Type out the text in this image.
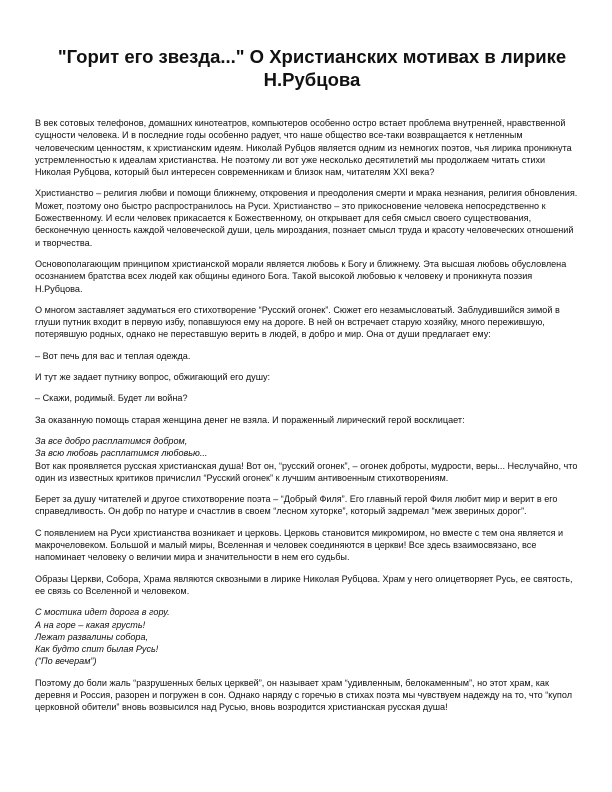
"Горит его звезда..." О Христианских мотивах в лирике Н.Рубцова

В век сотовых телефонов, домашних кинотеатров, компьютеров особенно остро встает проблема внутренней, нравственной сущности человека. И в последние годы особенно радует, что наше общество все-таки возвращается к нетленным человеческим ценностям, к христианским идеям. Николай Рубцов является одним из немногих поэтов, чья лирика проникнута устремленностью к идеалам христианства. Не поэтому ли вот уже несколько десятилетий мы продолжаем читать стихи Николая Рубцова, который был интересен современникам и близок нам, читателям XXI века?

Христианство – религия любви и помощи ближнему, откровения и преодоления смерти и мрака незнания, религия обновления. Может, поэтому оно быстро распространилось на Руси. Христианство – это прикосновение человека непосредственно к Божественному. И если человек прикасается к Божественному, он открывает для себя смысл своего существования, бесконечную ценность каждой человеческой души, цель мироздания, познает смысл труда и красоту человеческих отношений и творчества.

Основополагающим принципом христианской морали является любовь к Богу и ближнему. Эта высшая любовь обусловлена осознанием братства всех людей как общины единого Бога. Такой высокой любовью к человеку и проникнута поэзия Н.Рубцова.

О многом заставляет задуматься его стихотворение “Русский огонек”. Сюжет его незамысловатый. Заблудившийся зимой в глуши путник входит в первую избу, попавшуюся ему на дороге. В ней он встречает старую хозяйку, много пережившую, потерявшую родных, однако не переставшую верить в людей, в добро и мир. Она от души предлагает ему:

– Вот печь для вас и теплая одежда.

И тут же задает путнику вопрос, обжигающий его душу:

– Скажи, родимый. Будет ли война?

За оказанную помощь старая женщина денег не взяла. И пораженный лирический герой восклицает:

За все добро расплатимся добром,
За всю любовь расплатимся любовью...

Вот как проявляется русская христианская душа! Вот он, “русский огонек”, – огонек доброты, мудрости, веры... Неслучайно, что один из известных критиков причислил “Русский огонек” к лучшим антивоенным стихотворениям.

Берет за душу читателей и другое стихотворение поэта – “Добрый Филя”. Его главный герой Филя любит мир и верит в его справедливость. Он добр по натуре и счастлив в своем “лесном хуторке”, который задремал “меж звериных дорог”.

С появлением на Руси христианства возникает и церковь. Церковь становится микромиром, но вместе с тем она является и макрочеловеком. Большой и малый миры, Вселенная и человек соединяются в церкви! Все здесь взаимосвязано, все напоминает человеку о величии мира и значительности в нем его судьбы.

Образы Церкви, Собора, Храма являются сквозными в лирике Николая Рубцова. Храм у него олицетворяет Русь, ее святость, ее связь со Вселенной и человеком.

С мостика идет дорога в гору.
А на горе – какая грусть!
Лежат развалины собора,
Как будто спит былая Русь!

(“По вечерам”)

Поэтому до боли жаль “разрушенных белых церквей”, он называет храм “удивленным, белокаменным”, но этот храм, как деревня и Россия, разорен и погружен в сон. Однако наряду с горечью в стихах поэта мы чувствуем надежду на то, что “купол церковной обители” вновь возвысился над Русью, вновь возродится христианская русская душа!
